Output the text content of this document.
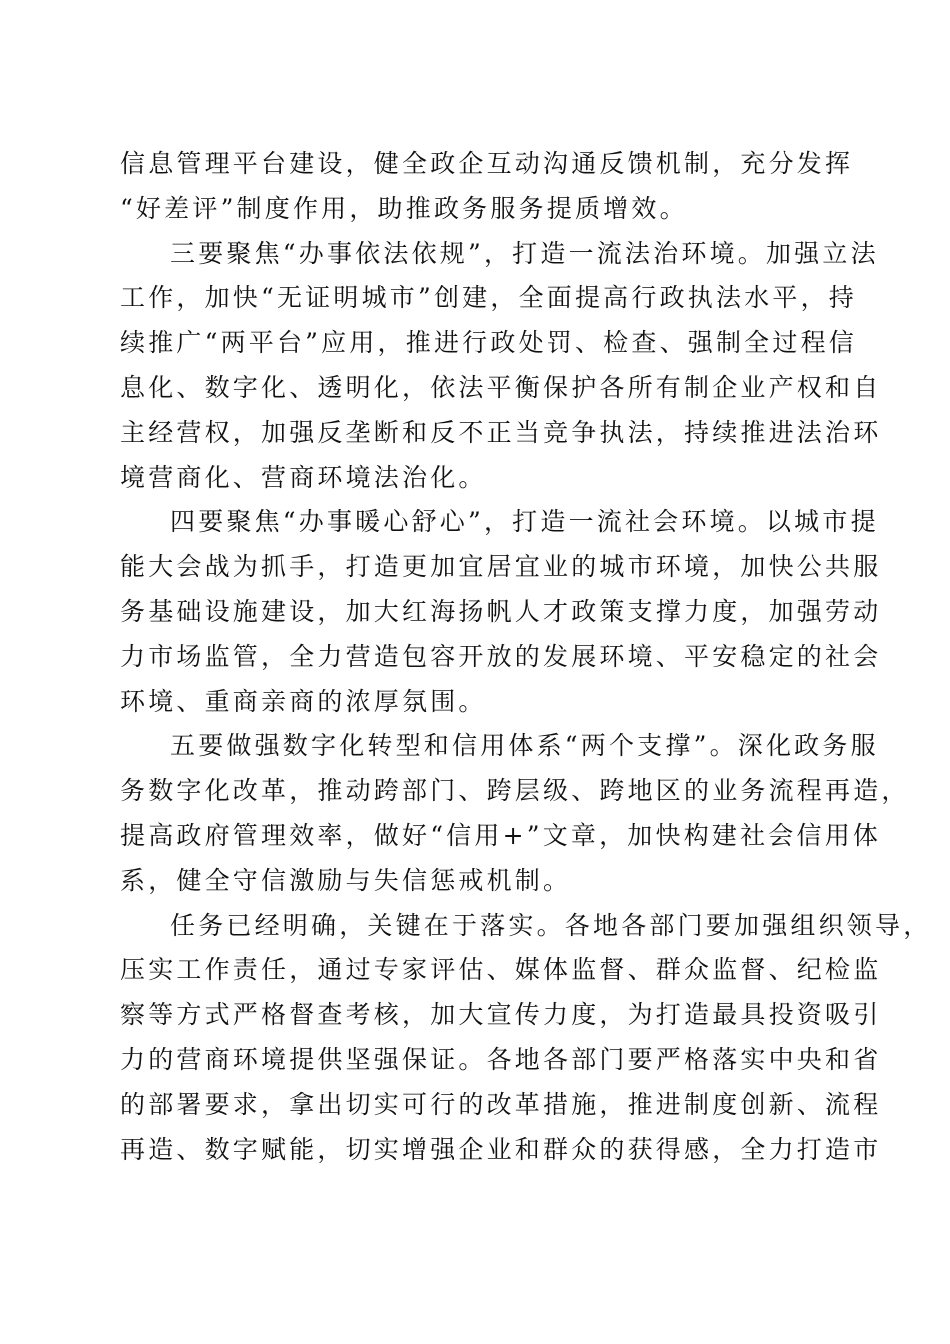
信息管理平台建设，健全政企互动沟通反馈机制，充分发挥
“好差评”制度作用，助推政务服务提质增效。

三要聚焦“办事依法依规”，打造一流法治环境。加强立法
工作，加快“无证明城市”创建，全面提高行政执法水平，持
续推广“两平台”应用，推进行政处罚、检查、强制全过程信
息化、数字化、透明化，依法平衡保护各所有制企业产权和自
主经营权，加强反垄断和反不正当竞争执法，持续推进法治环
境营商化、营商环境法治化。

四要聚焦“办事暖心舒心”，打造一流社会环境。以城市提
能大会战为抓手，打造更加宜居宜业的城市环境，加快公共服
务基础设施建设，加大红海扬帆人才政策支撑力度，加强劳动
力市场监管，全力营造包容开放的发展环境、平安稳定的社会
环境、重商亲商的浓厚氛围。

五要做强数字化转型和信用体系“两个支撑”。深化政务服
务数字化改革，推动跨部门、跨层级、跨地区的业务流程再造，
提高政府管理效率，做好“信用+”文章，加快构建社会信用体
系，健全守信激励与失信惩戒机制。

任务已经明确，关键在于落实。各地各部门要加强组织领导，
压实工作责任，通过专家评估、媒体监督、群众监督、纪检监
察等方式严格督查考核，加大宣传力度，为打造最具投资吸引
力的营商环境提供坚强保证。各地各部门要严格落实中央和省
的部署要求，拿出切实可行的改革措施，推进制度创新、流程
再造、数字赋能，切实增强企业和群众的获得感，全力打造市
